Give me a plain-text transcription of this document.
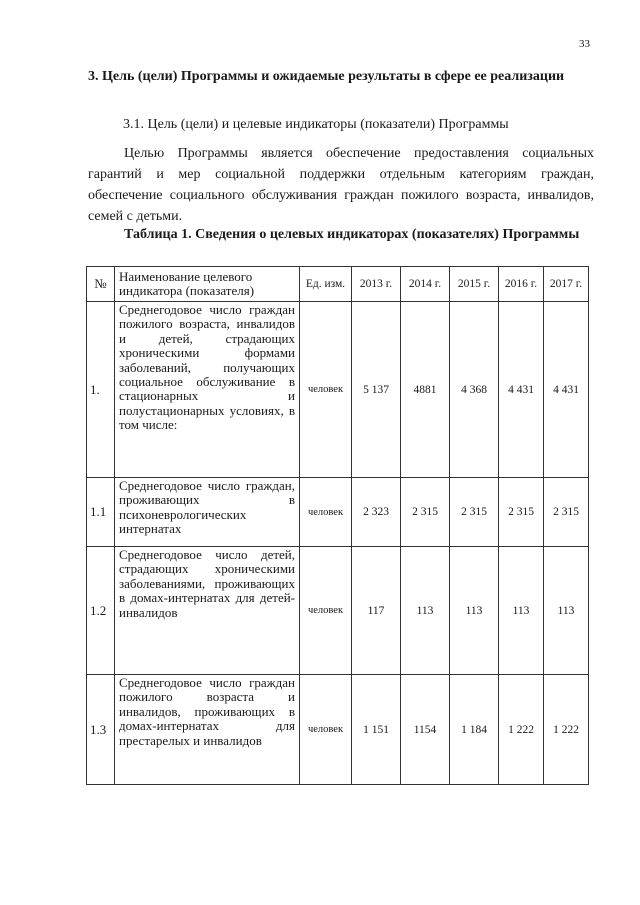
33
3. Цель (цели) Программы и ожидаемые результаты в сфере ее реализации
3.1. Цель (цели) и целевые индикаторы (показатели) Программы

Целью Программы является обеспечение предоставления социальных гарантий и мер социальной поддержки отдельным категориям граждан, обеспечение социального обслуживания граждан пожилого возраста, инвалидов, семей с детьми.

Таблица 1. Сведения о целевых индикаторах (показателях) Программы
№	Наименование целевого индикатора (показателя)	Ед. изм.	2013 г.	2014 г.	2015 г.	2016 г.	2017 г.
1.	Среднегодовое число граждан пожилого возраста, инвалидов и детей, страдающих хроническими формами заболеваний, получающих социальное обслуживание в стационарных и полустационарных условиях, в том числе:	человек	5 137	4881	4 368	4 431	4 431
1.1	Среднегодовое число граждан, проживающих в психоневрологических интернатах	человек	2 323	2 315	2 315	2 315	2 315
1.2	Среднегодовое число детей, страдающих хроническими заболеваниями, проживающих в домах-интернатах для детей-инвалидов	человек	117	113	113	113	113
1.3	Среднегодовое число граждан пожилого возраста и инвалидов, проживающих в домах-интернатах для престарелых и инвалидов	человек	1 151	1154	1 184	1 222	1 222
